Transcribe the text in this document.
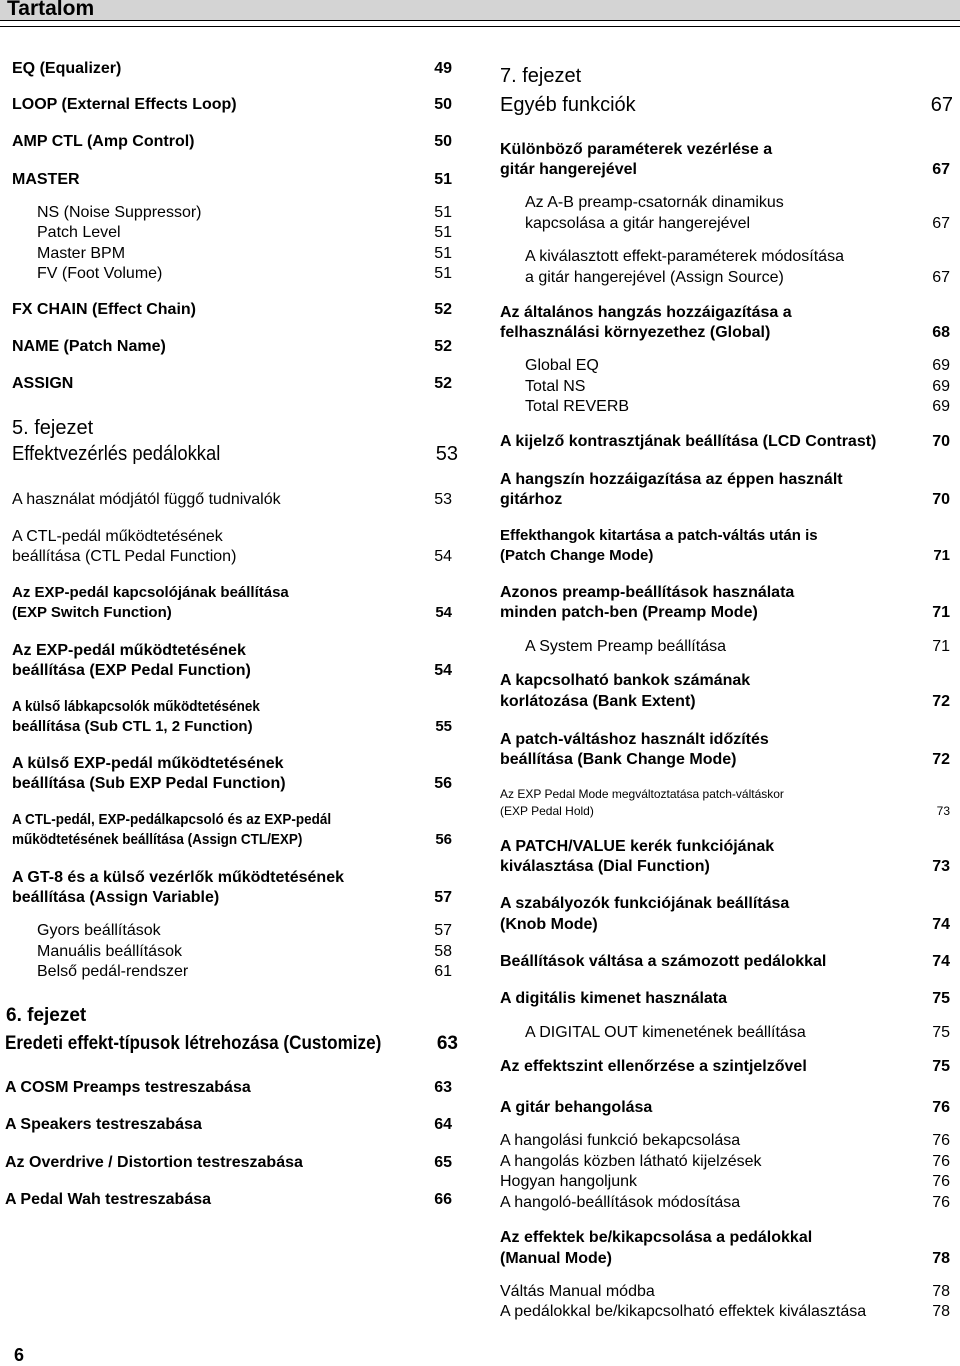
Tartalom
EQ (Equalizer)	49
LOOP (External Effects Loop)	50
AMP CTL (Amp Control)	50
MASTER	51
NS (Noise Suppressor)	51
Patch Level	51
Master BPM	51
FV (Foot Volume)	51
FX CHAIN (Effect Chain)	52
NAME (Patch Name)	52
ASSIGN	52
5. fejezet
Effektvezérlés pedálokkal	53
A használat módjától függő tudnivalók	53
A CTL-pedál működtetésének
beállítása (CTL Pedal Function)	54
Az EXP-pedál kapcsolójának beállítása
(EXP Switch Function)	54
Az EXP-pedál működtetésének
beállítása (EXP Pedal Function)	54
A külső lábkapcsolók működtetésének
beállítása (Sub CTL 1, 2 Function)	55
A külső EXP-pedál működtetésének
beállítása (Sub EXP Pedal Function)	56
A CTL-pedál, EXP-pedálkapcsoló és az EXP-pedál
működtetésének beállítása (Assign CTL/EXP)	56
A GT-8 és a külső vezérlők működtetésének
beállítása (Assign Variable)	57
Gyors beállítások	57
Manuális beállítások	58
Belső pedál-rendszer	61
6. fejezet
Eredeti effekt-típusok létrehozása (Customize)	63
A COSM Preamps testreszabása	63
A Speakers testreszabása	64
Az Overdrive / Distortion testreszabása	65
A Pedal Wah testreszabása	66
7. fejezet
Egyéb funkciók	67
Különböző paraméterek vezérlése a
gitár hangerejével	67
Az A-B preamp-csatornák dinamikus
kapcsolása a gitár hangerejével	67
A kiválasztott effekt-paraméterek módosítása
a gitár hangerejével (Assign Source)	67
Az általános hangzás hozzáigazítása a
felhasználási környezethez (Global)	68
Global EQ	69
Total NS	69
Total REVERB	69
A kijelző kontrasztjának beállítása (LCD Contrast)	70
A hangszín hozzáigazítása az éppen használt
gitárhoz	70
Effekthangok kitartása a patch-váltás után is
(Patch Change Mode)	71
Azonos preamp-beállítások használata
minden patch-ben (Preamp Mode)	71
A System Preamp beállítása	71
A kapcsolható bankok számának
korlátozása (Bank Extent)	72
A patch-váltáshoz használt időzítés
beállítása (Bank Change Mode)	72
Az EXP Pedal Mode megváltoztatása patch-váltáskor
(EXP Pedal Hold)	73
A PATCH/VALUE kerék funkciójának
kiválasztása (Dial Function)	73
A szabályozók funkciójának beállítása
(Knob Mode)	74
Beállítások váltása a számozott pedálokkal	74
A digitális kimenet használata	75
A DIGITAL OUT kimenetének beállítása	75
Az effektszint ellenőrzése a szintjelzővel	75
A gitár behangolása	76
A hangolási funkció bekapcsolása	76
A hangolás közben látható kijelzések	76
Hogyan hangoljunk	76
A hangoló-beállítások módosítása	76
Az effektek be/kikapcsolása a pedálokkal
(Manual Mode)	78
Váltás Manual módba	78
A pedálokkal be/kikapcsolható effektek kiválasztása	78
6
